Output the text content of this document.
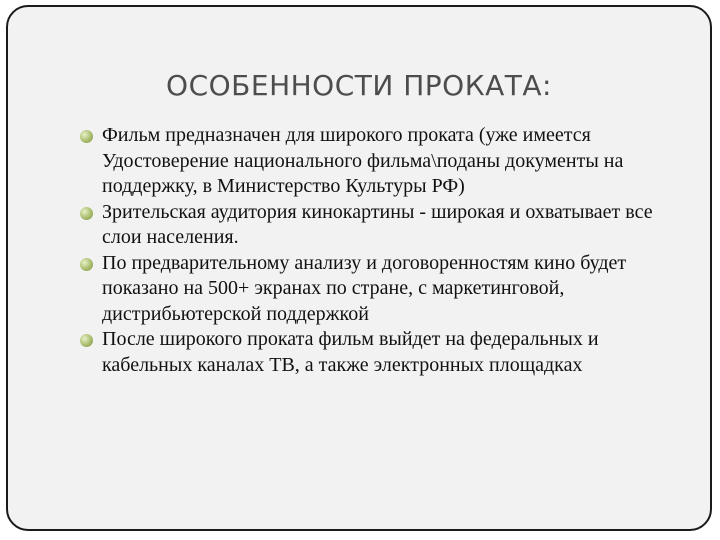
ОСОБЕННОСТИ ПРОКАТА:
Фильм предназначен для широкого проката (уже имеется Удостоверение национального фильма\поданы документы на поддержку, в Министерство Культуры РФ)
Зрительская аудитория кинокартины - широкая и охватывает все слои населения.
По предварительному анализу и договоренностям кино будет показано на 500+ экранах по стране, с маркетинговой, дистрибьютерской поддержкой
После широкого проката фильм выйдет на федеральных и кабельных каналах ТВ, а также электронных площадках
